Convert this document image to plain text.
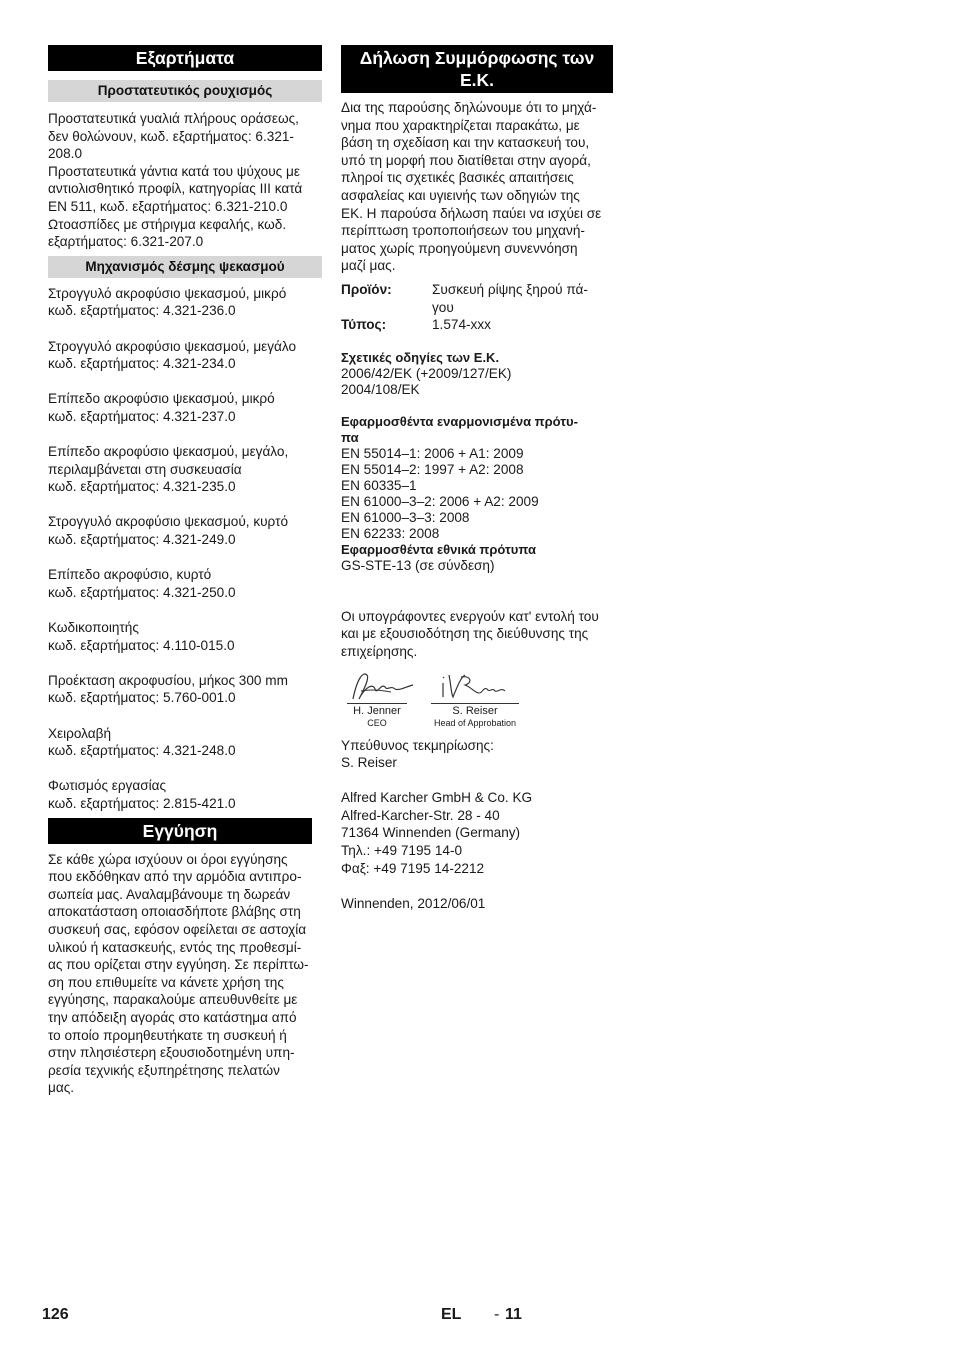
Εξαρτήματα
Προστατευτικός ρουχισμός

Προστατευτικά γυαλιά πλήρους οράσεως,

δεν θολώνουν, κωδ. εξαρτήματος: 6.321-

208.0

Προστατευτικά γάντια κατά του ψύχους με

αντιολισθητικό προφίλ, κατηγορίας III κατά

EN 511, κωδ. εξαρτήματος: 6.321-210.0

Ωτοασπίδες με στήριγμα κεφαλής, κωδ.

εξαρτήματος: 6.321-207.0

Μηχανισμός δέσμης ψεκασμού

Στρογγυλό ακροφύσιο ψεκασμού, μικρό

κωδ. εξαρτήματος: 4.321-236.0

Στρογγυλό ακροφύσιο ψεκασμού, μεγάλο

κωδ. εξαρτήματος: 4.321-234.0

Επίπεδο ακροφύσιο ψεκασμού, μικρό

κωδ. εξαρτήματος: 4.321-237.0

Επίπεδο ακροφύσιο ψεκασμού, μεγάλο,

περιλαμβάνεται στη συσκευασία

κωδ. εξαρτήματος: 4.321-235.0

Στρογγυλό ακροφύσιο ψεκασμού, κυρτό

κωδ. εξαρτήματος: 4.321-249.0

Επίπεδο ακροφύσιο, κυρτό

κωδ. εξαρτήματος: 4.321-250.0

Κωδικοποιητής

κωδ. εξαρτήματος: 4.110-015.0

Προέκταση ακροφυσίου, μήκος 300 mm

κωδ. εξαρτήματος: 5.760-001.0

Χειρολαβή

κωδ. εξαρτήματος: 4.321-248.0

Φωτισμός εργασίας

κωδ. εξαρτήματος: 2.815-421.0

Εγγύηση

Σε κάθε χώρα ισχύουν οι όροι εγγύησης

που εκδόθηκαν από την αρμόδια αντιπρο-

σωπεία μας. Αναλαμβάνουμε τη δωρεάν

αποκατάσταση οποιασδήποτε βλάβης στη

συσκευή σας, εφόσον οφείλεται σε αστοχία

υλικού ή κατασκευής, εντός της προθεσμί-

ας που ορίζεται στην εγγύηση. Σε περίπτω-

ση που επιθυμείτε να κάνετε χρήση της

εγγύησης, παρακαλούμε απευθυνθείτε με

την απόδειξη αγοράς στο κατάστημα από

το οποίο προμηθευτήκατε τη συσκευή ή

στην πλησιέστερη εξουσιοδοτημένη υπη-

ρεσία τεχνικής εξυπηρέτησης πελατών

μας.

Δήλωση Συμμόρφωσης των
Ε.Κ.

Δια της παρούσης δηλώνουμε ότι το μηχά-

νημα που χαρακτηρίζεται παρακάτω, με

βάση τη σχεδίαση και την κατασκευή του,

υπό τη μορφή που διατίθεται στην αγορά,

πληροί τις σχετικές βασικές απαιτήσεις

ασφαλείας και υγιεινής των οδηγιών της

ΕΚ. Η παρούσα δήλωση παύει να ισχύει σε

περίπτωση τροποποιήσεων του μηχανή-

ματος χωρίς προηγούμενη συνεννόηση

μαζί μας.

Προϊόν:	Συσκευή ρίψης ξηρού πά-
γου
Τύπος:	1.574-xxx
Σχετικές οδηγίες των Ε.Κ.

2006/42/EK (+2009/127/EK)

2004/108/EK

Εφαρμοσθέντα εναρμονισμένα πρότυ-
πα

EN 55014–1: 2006 + A1: 2009

EN 55014–2: 1997 + A2: 2008

EN 60335–1

EN 61000–3–2: 2006 + A2: 2009

EN 61000–3–3: 2008

EN 62233: 2008

Εφαρμοσθέντα εθνικά πρότυπα

GS-STE-13 (σε σύνδεση)

Οι υπογράφοντες ενεργούν κατ' εντολή του

και με εξουσιοδότηση της διεύθυνσης της

επιχείρησης.

H. Jenner
CEO
S. Reiser
Head of Approbation

Υπεύθυνος τεκμηρίωσης:

S. Reiser

Alfred Karcher GmbH & Co. KG

Alfred-Karcher-Str. 28 - 40

71364 Winnenden (Germany)

Τηλ.: +49 7195 14-0

Φαξ: +49 7195 14-2212

Winnenden, 2012/06/01

126	EL - 11
